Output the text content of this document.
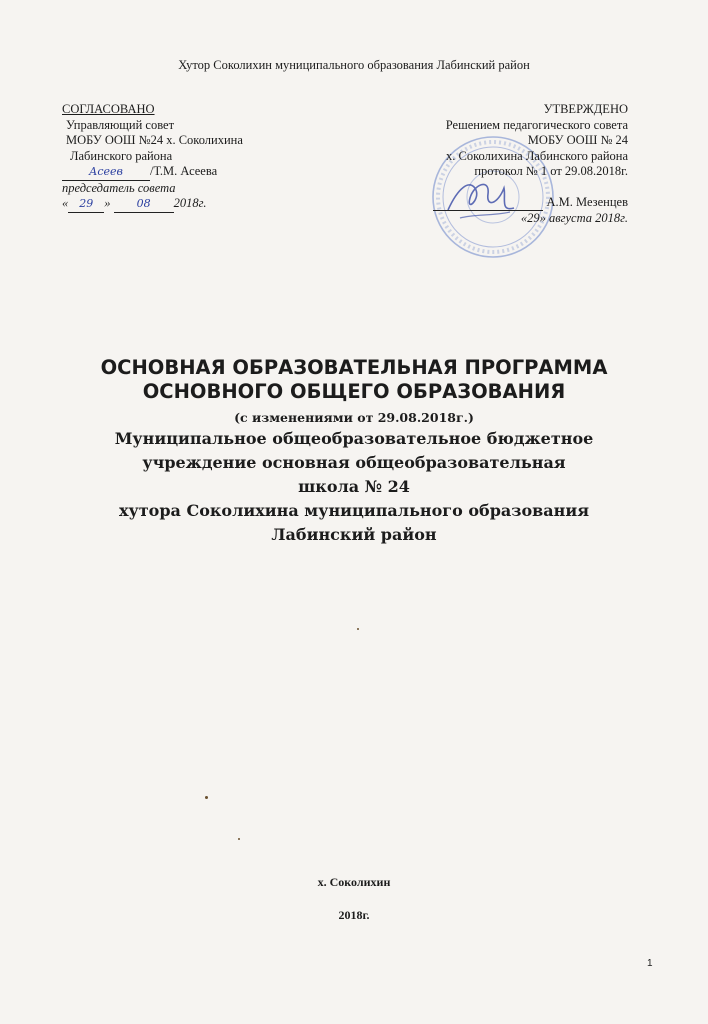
Хутор Соколихин муниципального образования Лабинский район
СОГЛАСОВАНО
Управляющий совет
МОБУ ООШ №24 х. Соколихина
Лабинского района
Асеев /Т.М. Асеева
председатель совета
« 29 » 08 2018г.
УТВЕРЖДЕНО
Решением педагогического совета
МОБУ ООШ № 24
х. Соколихина Лабинского района
протокол № 1 от 29.08.2018г.
А.М. Мезенцев
«29» августа 2018г.
ОСНОВНАЯ ОБРАЗОВАТЕЛЬНАЯ ПРОГРАММА
ОСНОВНОГО ОБЩЕГО ОБРАЗОВАНИЯ
(с изменениями от 29.08.2018г.)
Муниципальное общеобразовательное бюджетное
учреждение основная общеобразовательная
школа № 24
хутора Соколихина муниципального образования
Лабинский район
х. Соколихин
2018г.
1
